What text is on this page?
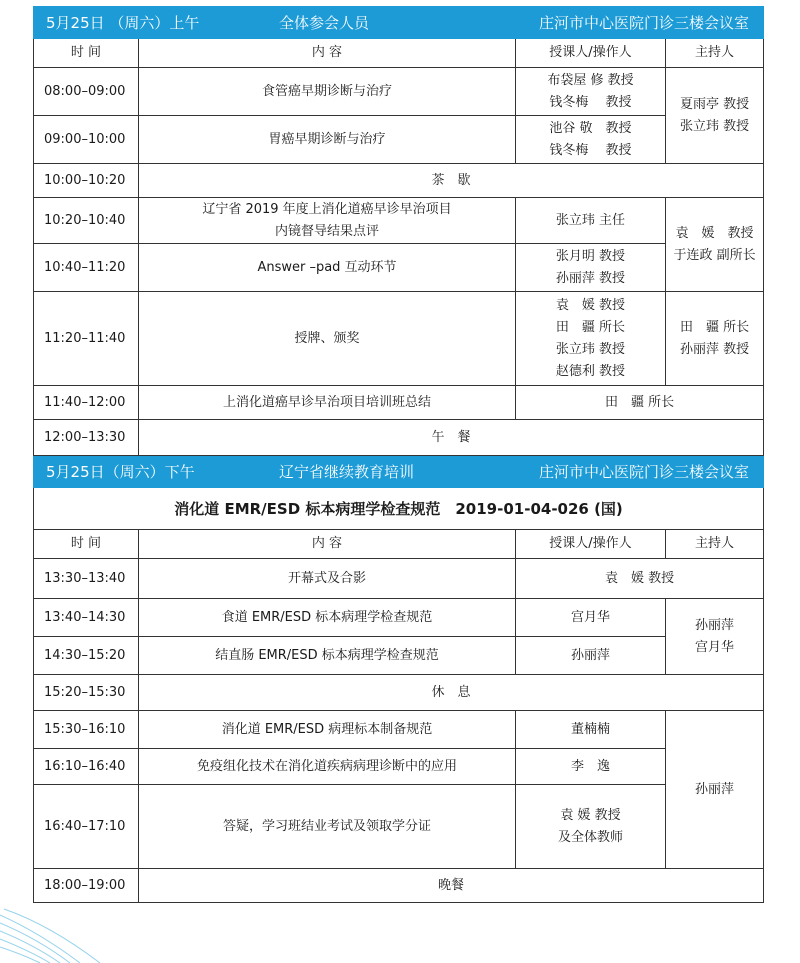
5月25日 （周六）上午 全体参会人员 庄河市中心医院门诊三楼会议室			

时 间	内 容	授课人/操作人	主持人
08:00–09:00	食管癌早期诊断与治疗	布袋屋 修 教授
钱冬梅　 教授	夏雨亭 教授
张立玮 教授

09:00–10:00	胃癌早期诊断与治疗	池谷 敬　教授
钱冬梅　 教授	

10:00–10:20	茶　歇		
10:20–10:40	辽宁省 2019 年度上消化道癌早诊早治项目
内镜督导结果点评	张立玮 主任	袁　媛　教授
于连政 副所长

10:40–11:20	Answer –pad 互动环节	张月明 教授
孙丽萍 教授	

11:20–11:40	授牌、颁奖	袁　媛 教授
田　疆 所长
张立玮 教授
赵德利 教授	田　疆 所长
孙丽萍 教授

11:40–12:00	上消化道癌早诊早治项目培训班总结	田　疆 所长	
12:00–13:30	午　餐		

5月25日（周六）下午 辽宁省继续教育培训 庄河市中心医院门诊三楼会议室			

消化道 EMR/ESD 标本病理学检查规范　2019-01-04-026 (国)			
时 间	内 容	授课人/操作人	主持人
13:30–13:40	开幕式及合影	袁　媛 教授	
13:40–14:30	食道 EMR/ESD 标本病理学检查规范	宫月华	孙丽萍
宫月华

14:30–15:20	结直肠 EMR/ESD 标本病理学检查规范	孙丽萍	
15:20–15:30	休　息		
15:30–16:10	消化道 EMR/ESD 病理标本制备规范	董楠楠	孙丽萍

16:10–16:40	免疫组化技术在消化道疾病病理诊断中的应用	李　逸	
16:40–17:10	答疑，学习班结业考试及领取学分证	袁 媛 教授
及全体教师	

18:00–19:00	晚餐		
